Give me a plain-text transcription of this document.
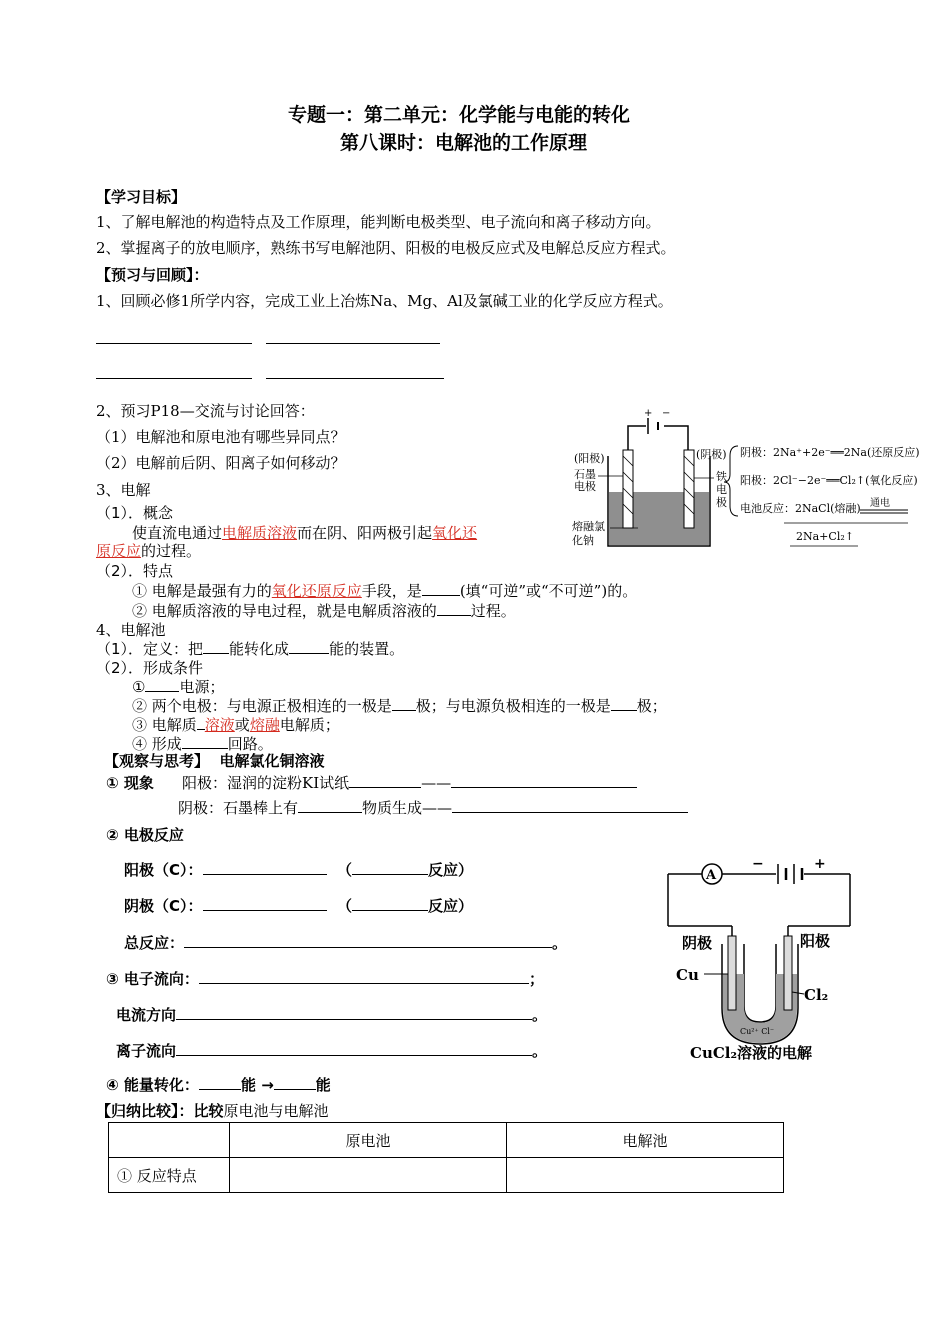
专题一：第二单元：化学能与电能的转化
第八课时：电解池的工作原理
【学习目标】
1、了解电解池的构造特点及工作原理，能判断电极类型、电子流向和离子移动方向。
2、掌握离子的放电顺序，熟练书写电解池阴、阳极的电极反应式及电解总反应方程式。
【预习与回顾】：
1、回顾必修1所学内容，完成工业上冶炼Na、Mg、Al及氯碱工业的化学反应方程式。
2、预习P18—交流与讨论回答：
（1）电解池和原电池有哪些异同点？
（2）电解前后阴、阳离子如何移动？
3、电解
（1）．概念
使直流电通过电解质溶液而在阴、阳两极引起氧化还
原反应的过程。
（2）．特点
① 电解是最强有力的氧化还原反应手段，是	(填“可逆”或“不可逆”)的。
② 电解质溶液的导电过程，就是电解质溶液的 过程。
4、电解池
（1）．定义：把 能转化成	能的装置。
（2）．形成条件
① 电源；
② 两个电极：与电源正极相连的一极是 极；与电源负极相连的一极是 极；
③ 电解质 溶液或熔融电解质；
④ 形成	回路。
【观察与思考】 电解氯化铜溶液
① 现象 阳极：湿润的淀粉KI试纸	——
阴极：石墨棒上有	物质生成——
② 电极反应
阳极（C）：	（	反应）
阴极（C）：	（	反应）
总反应：	。
③ 电子流向：	；
电流方向	。
离子流向	。
④ 能量转化：	能 →	能
【归纳比较】：比较原电池与电解池
	原电池	电解池
① 反应特点		
+ −
(阳极)
石墨
电极
熔融氯
化钠
(阴极)
铁
电
极
阴极：2Na⁺+2e⁻══2Na(还原反应)
阳极：2Cl⁻−2e⁻══Cl₂↑(氧化反应)
电池反应：2NaCl(熔融) 通电
2Na+Cl₂↑
A
−	+
阴极	阳极
Cu
Cl₂
Cu²⁺ Cl⁻
CuCl₂溶液的电解
